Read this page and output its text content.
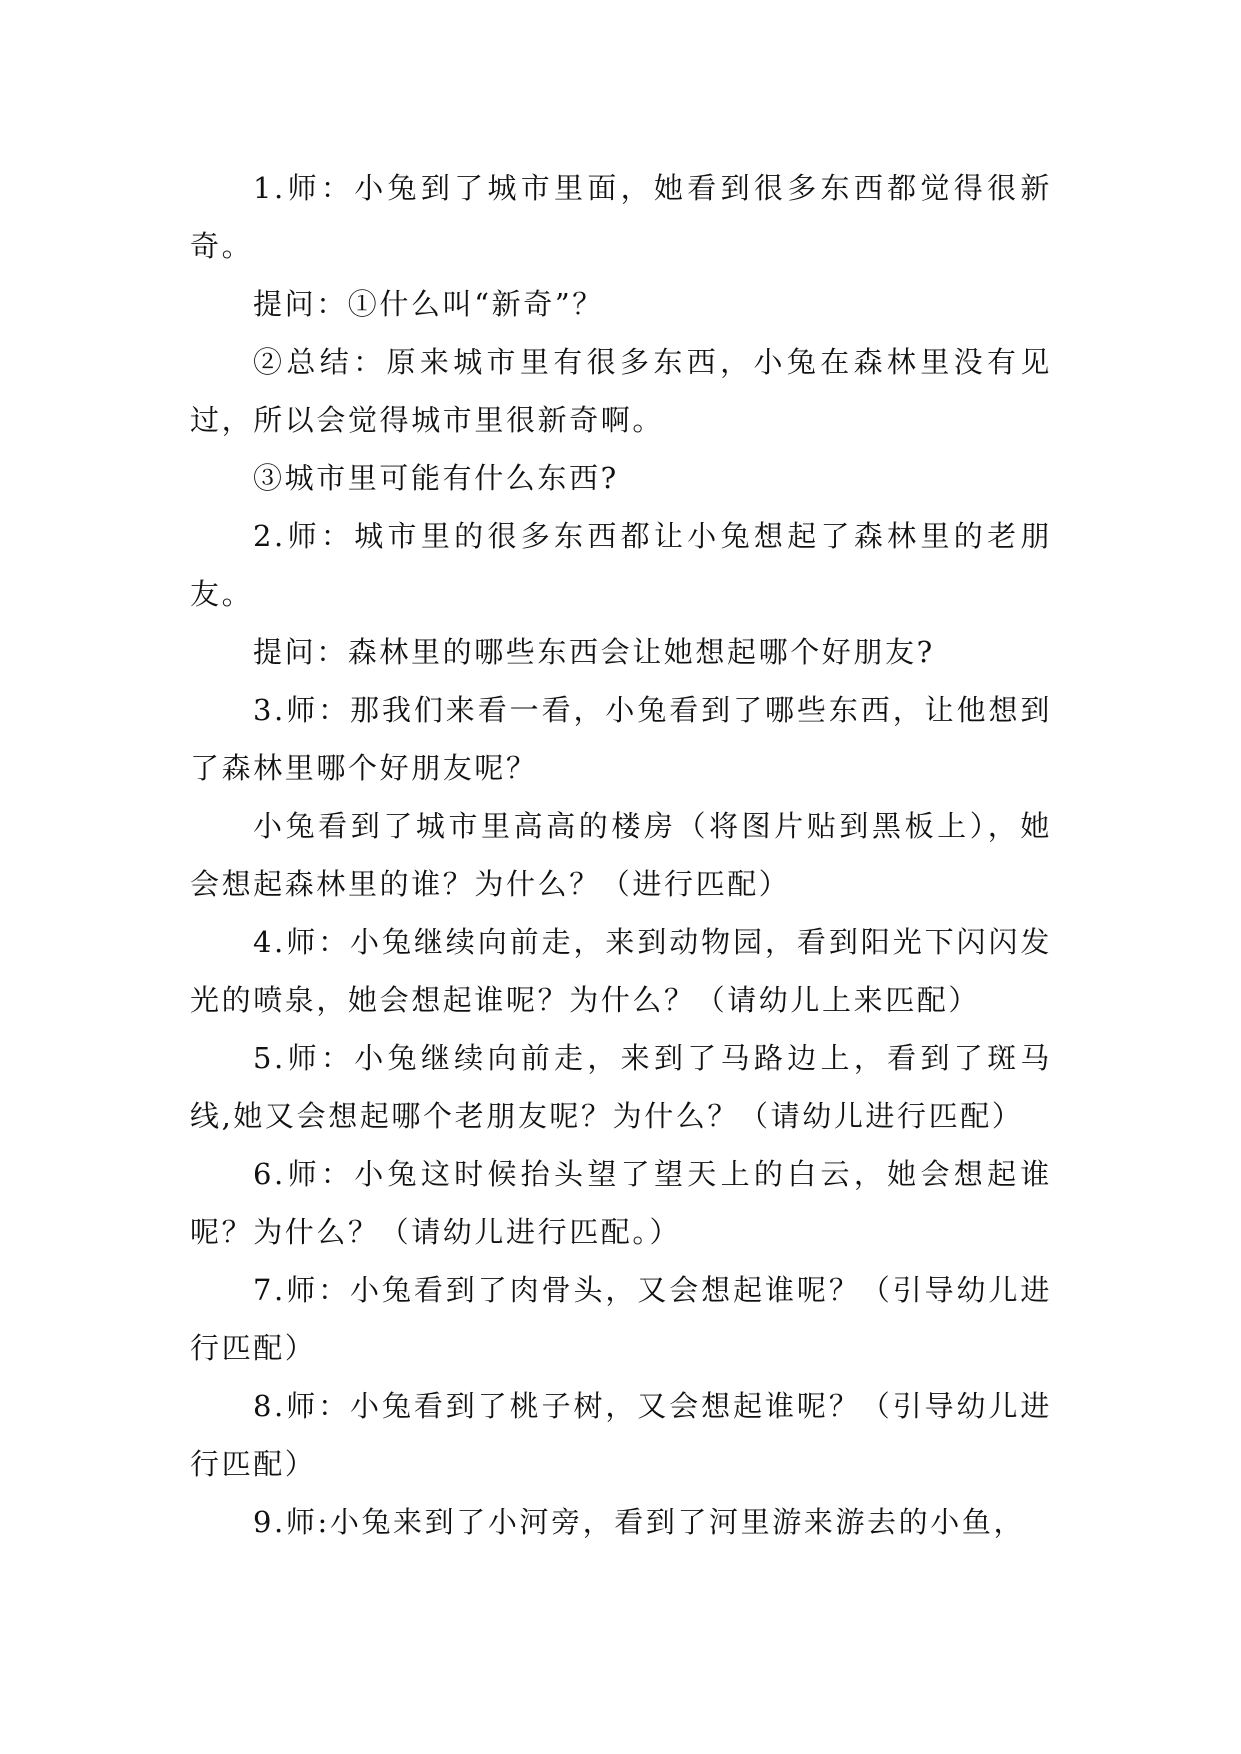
1.师：小兔到了城市里面，她看到很多东西都觉得很新奇。

提问：①什么叫“新奇”？

②总结：原来城市里有很多东西，小兔在森林里没有见过，所以会觉得城市里很新奇啊。

③城市里可能有什么东西?

2.师：城市里的很多东西都让小兔想起了森林里的老朋友。

提问：森林里的哪些东西会让她想起哪个好朋友?

3.师：那我们来看一看，小兔看到了哪些东西，让他想到了森林里哪个好朋友呢？

小兔看到了城市里高高的楼房（将图片贴到黑板上），她会想起森林里的谁？为什么？（进行匹配）

4.师：小兔继续向前走，来到动物园，看到阳光下闪闪发光的喷泉，她会想起谁呢？为什么？（请幼儿上来匹配）

5.师：小兔继续向前走，来到了马路边上，看到了斑马线,她又会想起哪个老朋友呢？为什么？（请幼儿进行匹配）

6.师：小兔这时候抬头望了望天上的白云，她会想起谁呢？为什么？（请幼儿进行匹配。）

7.师：小兔看到了肉骨头，又会想起谁呢？（引导幼儿进行匹配）

8.师：小兔看到了桃子树，又会想起谁呢？（引导幼儿进行匹配）

9.师:小兔来到了小河旁，看到了河里游来游去的小鱼，
